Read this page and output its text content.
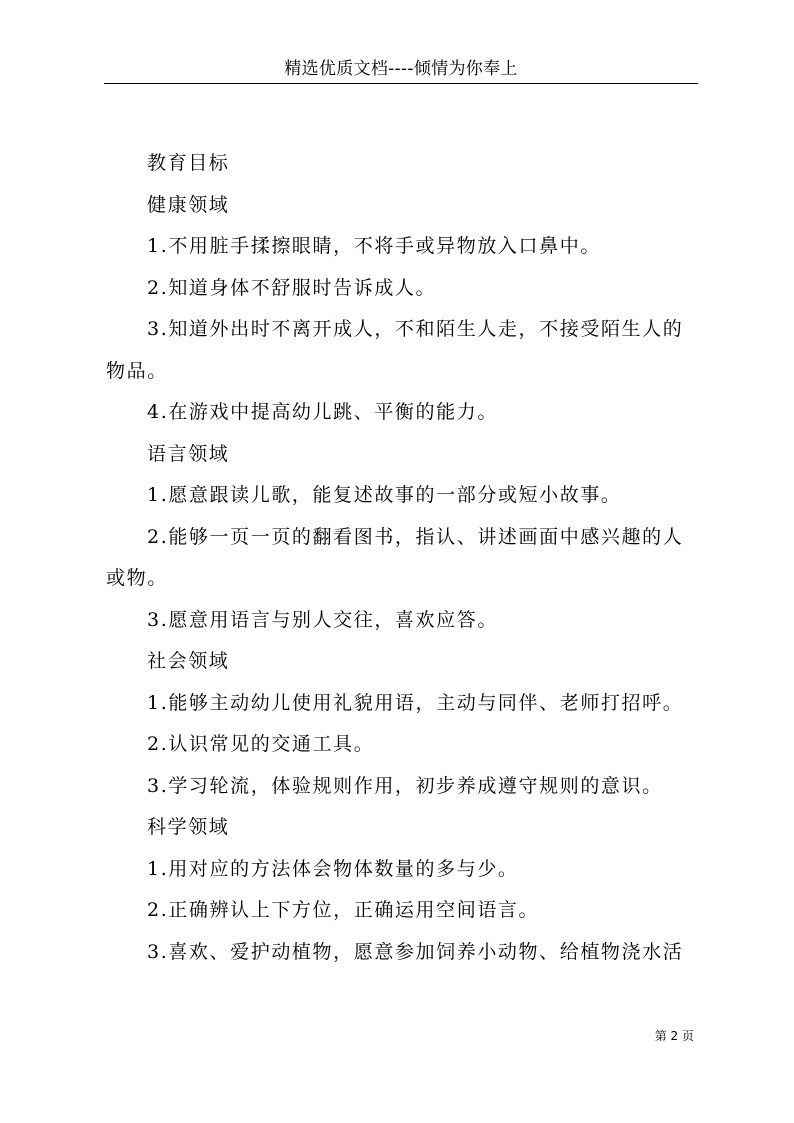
精选优质文档----倾情为你奉上

教育目标

健康领域

1.不用脏手揉擦眼睛，不将手或异物放入口鼻中。

2.知道身体不舒服时告诉成人。

3.知道外出时不离开成人，不和陌生人走，不接受陌生人的

物品。

4.在游戏中提高幼儿跳、平衡的能力。

语言领域

1.愿意跟读儿歌，能复述故事的一部分或短小故事。

2.能够一页一页的翻看图书，指认、讲述画面中感兴趣的人

或物。

3.愿意用语言与别人交往，喜欢应答。

社会领域

1.能够主动幼儿使用礼貌用语，主动与同伴、老师打招呼。

2.认识常见的交通工具。

3.学习轮流，体验规则作用，初步养成遵守规则的意识。

科学领域

1.用对应的方法体会物体数量的多与少。

2.正确辨认上下方位，正确运用空间语言。

3.喜欢、爱护动植物，愿意参加饲养小动物、给植物浇水活

第 2 页
